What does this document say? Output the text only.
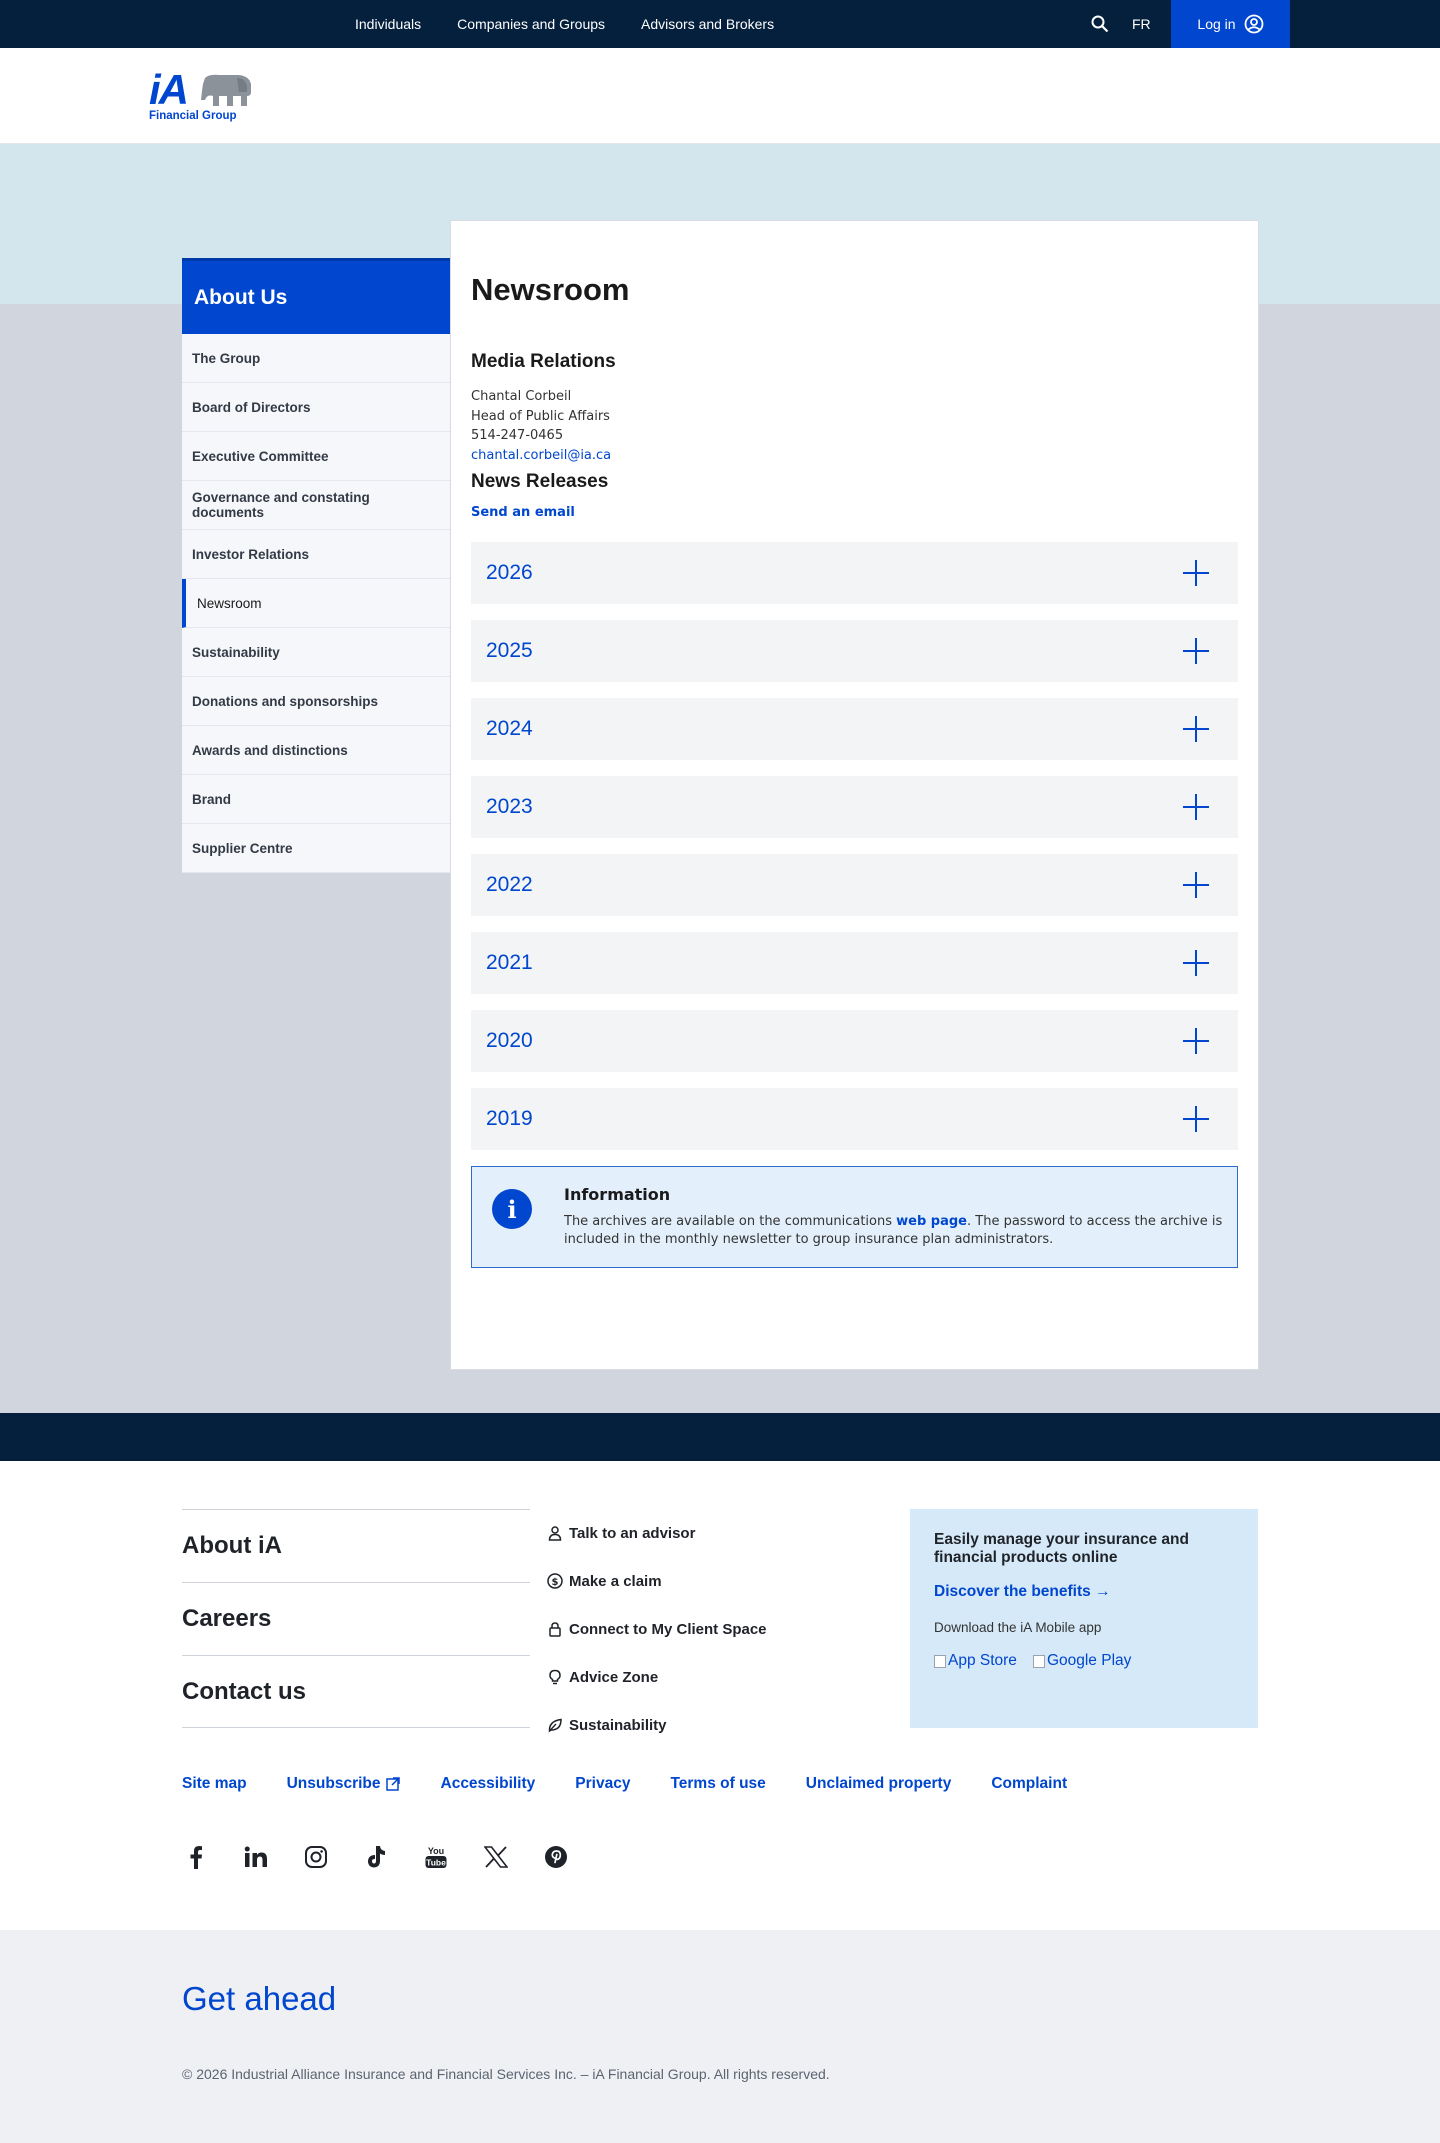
Individuals	Companies and Groups	Advisors and Brokers	FR	Log in
iA
Financial Group
About Us
The Group
Board of Directors
Executive Committee
Governance and constating documents
Investor Relations
Newsroom
Sustainability
Donations and sponsorships
Awards and distinctions
Brand
Supplier Centre
Newsroom
Media Relations

Chantal Corbeil

Head of Public Affairs

514-247-0465

chantal.corbeil@ia.ca

News Releases
Send an email
2026
2025
2024
2023
2022
2021
2020
2019
i	Information
The archives are available on the communications web page. The password to access the archive is included in the monthly newsletter to group insurance plan administrators.
About iA
Careers
Contact us
Talk to an advisor
$ Make a claim
Connect to My Client Space
Advice Zone
Sustainability
Easily manage your insurance and financial products online
Discover the benefits →
Download the iA Mobile app
App Store Google Play
Site map	Unsubscribe	Accessibility	Privacy	Terms of use	Unclaimed property	Complaint
You
Tube
Get ahead
© 2026 Industrial Alliance Insurance and Financial Services Inc. – iA Financial Group. All rights reserved.
